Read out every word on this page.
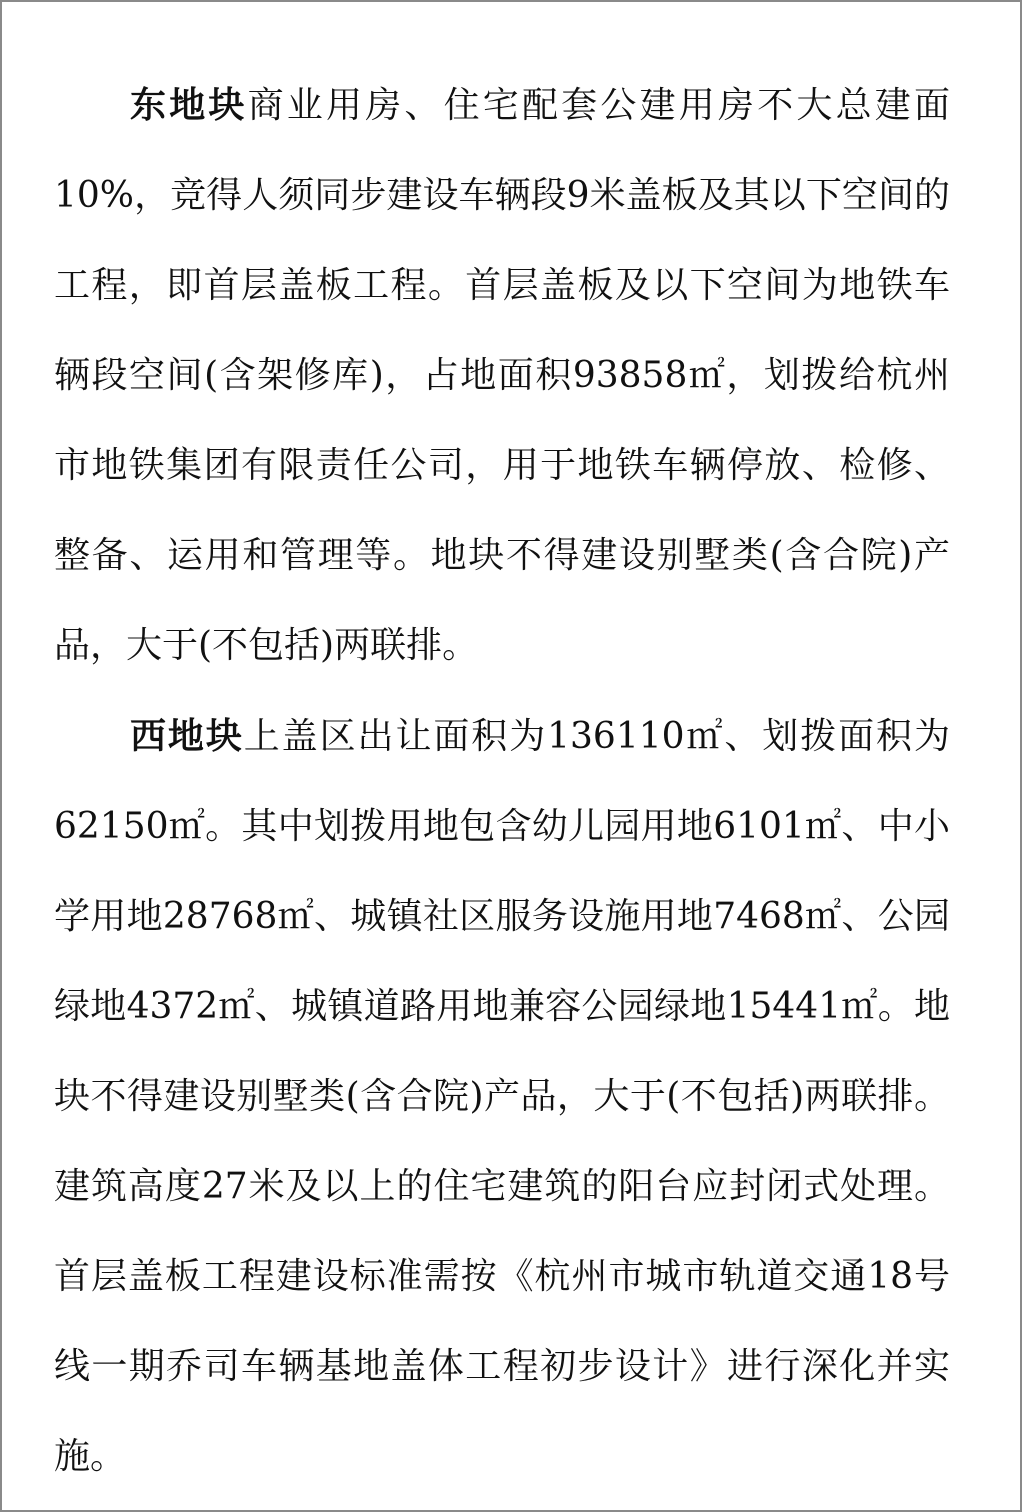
东地块商业用房、住宅配套公建用房不大总建面10%，竞得人须同步建设车辆段9米盖板及其以下空间的工程，即首层盖板工程。首层盖板及以下空间为地铁车辆段空间(含架修库)，占地面积93858㎡，划拨给杭州市地铁集团有限责任公司，用于地铁车辆停放、检修、整备、运用和管理等。地块不得建设别墅类(含合院)产品，大于(不包括)两联排。

西地块上盖区出让面积为136110㎡、划拨面积为62150㎡。其中划拨用地包含幼儿园用地6101㎡、中小学用地28768㎡、城镇社区服务设施用地7468㎡、公园绿地4372㎡、城镇道路用地兼容公园绿地15441㎡。地块不得建设别墅类(含合院)产品，大于(不包括)两联排。建筑高度27米及以上的住宅建筑的阳台应封闭式处理。首层盖板工程建设标准需按《杭州市城市轨道交通18号线一期乔司车辆基地盖体工程初步设计》进行深化并实施。
